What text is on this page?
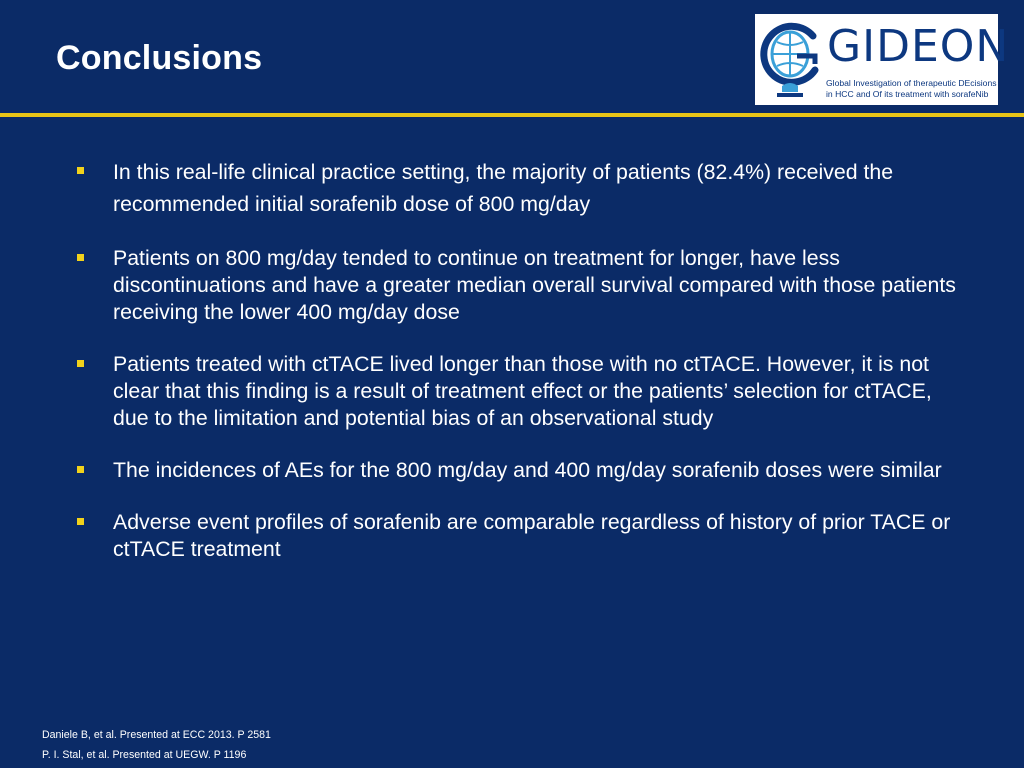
Conclusions	GIDEON
Global Investigation of therapeutic DEcisions
in HCC and Of its treatment with sorafeNib
In this real-life clinical practice setting, the majority of patients (82.4%) received the recommended initial sorafenib dose of 800 mg/day
Patients on 800 mg/day tended to continue on treatment for longer, have less discontinuations and have a greater median overall survival compared with those patients receiving the lower 400 mg/day dose
Patients treated with ctTACE lived longer than those with no ctTACE. However, it is not clear that this finding is a result of treatment effect or the patients’ selection for ctTACE, due to the limitation and potential bias of an observational study
The incidences of AEs for the 800 mg/day and 400 mg/day sorafenib doses were similar
Adverse event profiles of sorafenib are comparable regardless of history of prior TACE or ctTACE treatment
Daniele B, et al. Presented at ECC 2013. P 2581
P. I. Stal, et al. Presented at UEGW. P 1196
